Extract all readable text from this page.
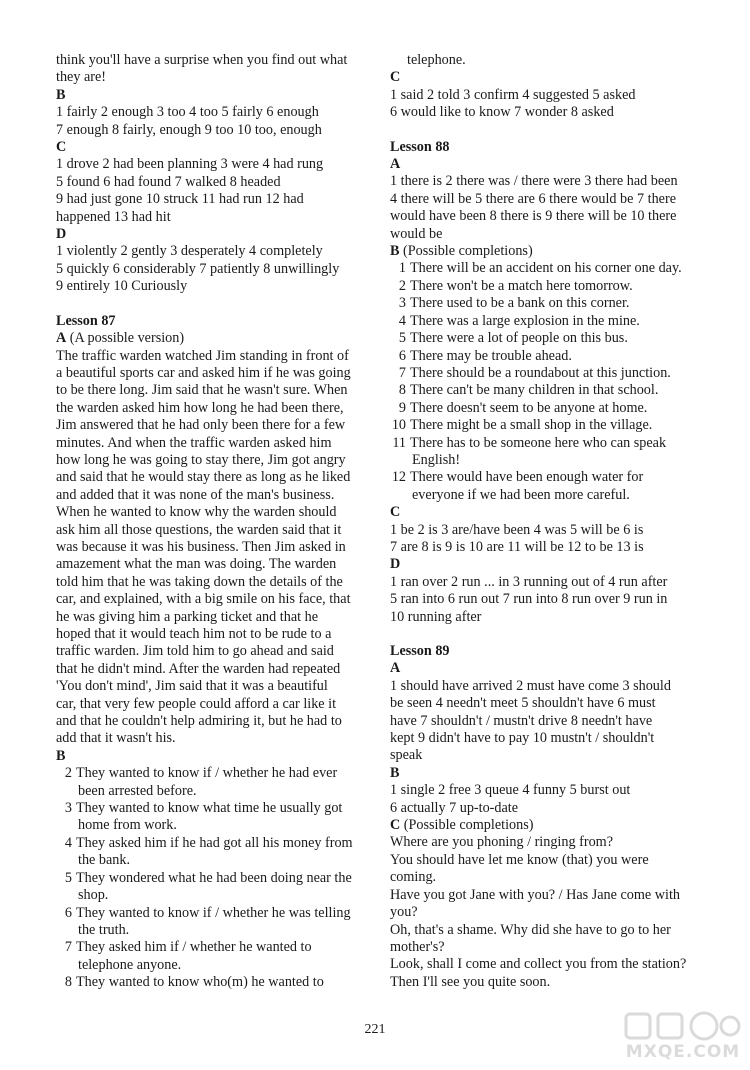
think you'll have a surprise when you find out what
they are!
B
1 fairly 2 enough 3 too 4 too 5 fairly 6 enough
7 enough 8 fairly, enough 9 too 10 too, enough
C
1 drove 2 had been planning 3 were 4 had rung
5 found 6 had found 7 walked 8 headed
9 had just gone 10 struck 11 had run 12 had
happened 13 had hit
D
1 violently 2 gently 3 desperately 4 completely
5 quickly 6 considerably 7 patiently 8 unwillingly
9 entirely 10 Curiously
Lesson 87
A (A possible version)
The traffic warden watched Jim standing in front of
a beautiful sports car and asked him if he was going
to be there long. Jim said that he wasn't sure. When
the warden asked him how long he had been there,
Jim answered that he had only been there for a few
minutes. And when the traffic warden asked him
how long he was going to stay there, Jim got angry
and said that he would stay there as long as he liked
and added that it was none of the man's business.
When he wanted to know why the warden should
ask him all those questions, the warden said that it
was because it was his business. Then Jim asked in
amazement what the man was doing. The warden
told him that he was taking down the details of the
car, and explained, with a big smile on his face, that
he was giving him a parking ticket and that he
hoped that it would teach him not to be rude to a
traffic warden. Jim told him to go ahead and said
that he didn't mind. After the warden had repeated
'You don't mind', Jim said that it was a beautiful
car, that very few people could afford a car like it
and that he couldn't help admiring it, but he had to
add that it wasn't his.
B
2 They wanted to know if / whether he had ever
been arrested before.
3 They wanted to know what time he usually got
home from work.
4 They asked him if he had got all his money from
the bank.
5 They wondered what he had been doing near the
shop.
6 They wanted to know if / whether he was telling
the truth.
7 They asked him if / whether he wanted to
telephone anyone.
8 They wanted to know who(m) he wanted to
telephone.
C
1 said 2 told 3 confirm 4 suggested 5 asked
6 would like to know 7 wonder 8 asked
Lesson 88
A
1 there is 2 there was / there were 3 there had been
4 there will be 5 there are 6 there would be 7 there
would have been 8 there is 9 there will be 10 there
would be
B (Possible completions)
1 There will be an accident on his corner one day.
2 There won't be a match here tomorrow.
3 There used to be a bank on this corner.
4 There was a large explosion in the mine.
5 There were a lot of people on this bus.
6 There may be trouble ahead.
7 There should be a roundabout at this junction.
8 There can't be many children in that school.
9 There doesn't seem to be anyone at home.
10 There might be a small shop in the village.
11 There has to be someone here who can speak
English!
12 There would have been enough water for
everyone if we had been more careful.
C
1 be 2 is 3 are/have been 4 was 5 will be 6 is
7 are 8 is 9 is 10 are 11 will be 12 to be 13 is
D
1 ran over 2 run ... in 3 running out of 4 run after
5 ran into 6 run out 7 run into 8 run over 9 run in
10 running after
Lesson 89
A
1 should have arrived 2 must have come 3 should
be seen 4 needn't meet 5 shouldn't have 6 must
have 7 shouldn't / mustn't drive 8 needn't have
kept 9 didn't have to pay 10 mustn't / shouldn't
speak
B
1 single 2 free 3 queue 4 funny 5 burst out
6 actually 7 up-to-date
C (Possible completions)
Where are you phoning / ringing from?
You should have let me know (that) you were
coming.
Have you got Jane with you? / Has Jane come with
you?
Oh, that's a shame. Why did she have to go to her
mother's?
Look, shall I come and collect you from the station?
Then I'll see you quite soon.
221
MXQE.COM
